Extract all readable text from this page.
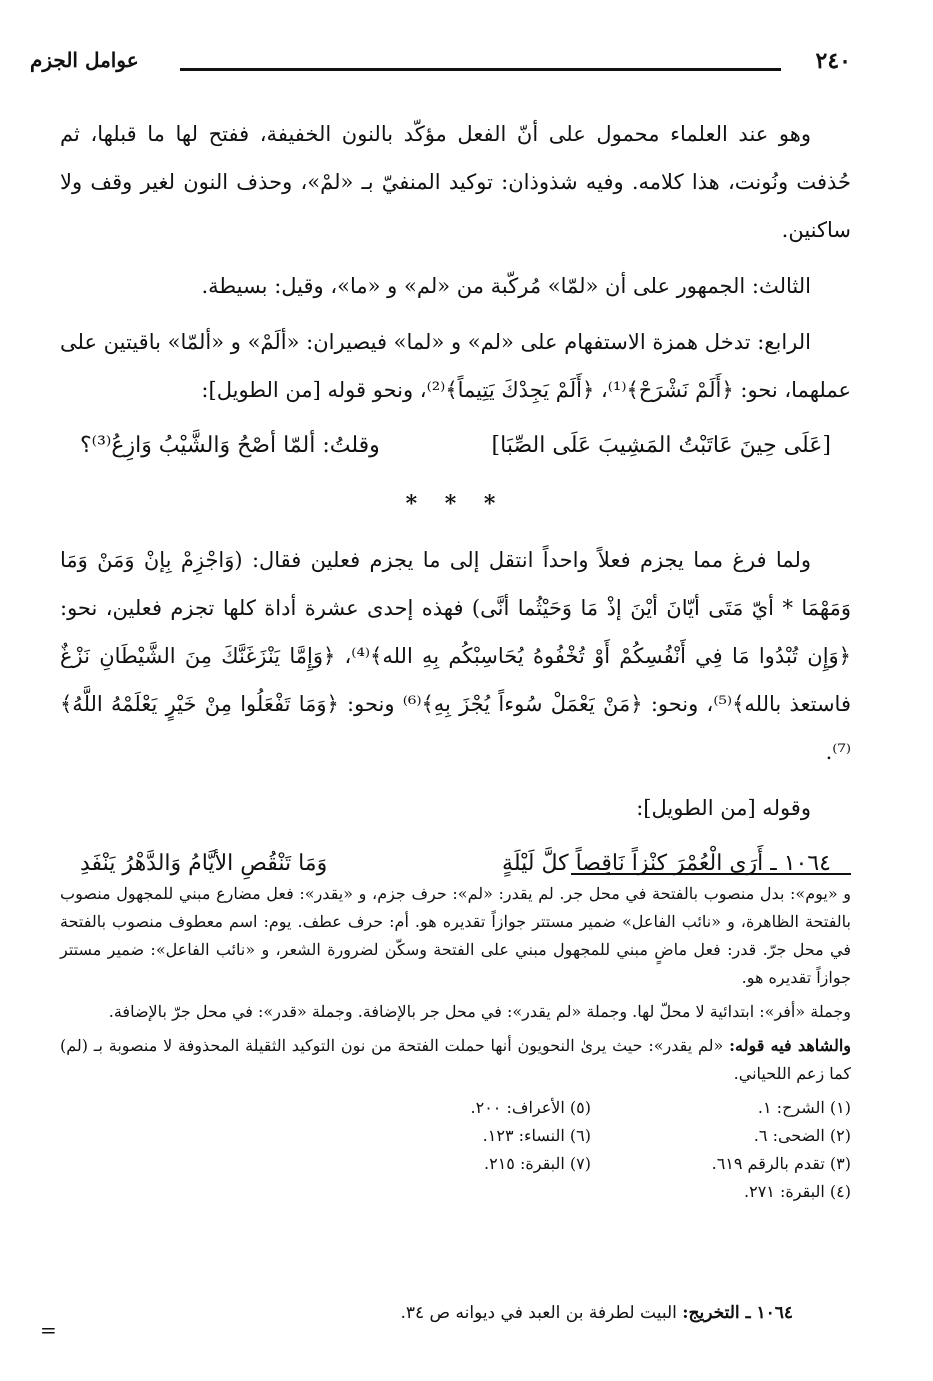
٢٤٠
عوامل الجزم

وهو عند العلماء محمول على أنّ الفعل مؤكّد بالنون الخفيفة، ففتح لها ما قبلها، ثم حُذفت ونُونت، هذا كلامه. وفيه شذوذان: توكيد المنفيّ بـ «لمْ»، وحذف النون لغير وقف ولا ساكنين.

الثالث: الجمهور على أن «لمّا» مُركّبة من «لم» و «ما»، وقيل: بسيطة.

الرابع: تدخل همزة الاستفهام على «لم» و «لما» فيصيران: «ألَمْ» و «ألمّا» باقيتين على عملهما، نحو: ﴿أَلَمْ نَشْرَحْ﴾⁽¹⁾، ﴿أَلَمْ يَجِدْكَ يَتِيماً﴾⁽²⁾، ونحو قوله [من الطويل]:

[عَلَى حِينَ عَاتَبْتُ المَشِيبَ عَلَى الصِّبَا]
وقلتُ: ألمّا أصْحُ وَالشَّيْبُ وَازِعُ⁽³⁾؟
* * *

ولما فرغ مما يجزم فعلاً واحداً انتقل إلى ما يجزم فعلين فقال: (وَاجْزِمْ بِإنْ وَمَنْ وَمَا وَمَهْمَا * أيّ مَتَى أيّانَ أيْنَ إذْ مَا وَحَيْثُما أنَّى) فهذه إحدى عشرة أداة كلها تجزم فعلين، نحو: ﴿وَإِن تُبْدُوا مَا فِي أَنْفُسِكُمْ أَوْ تُخْفُوهُ يُحَاسِبْكُم بِهِ الله﴾⁽⁴⁾، ﴿وَإِمَّا يَنْزَغَنَّكَ مِنَ الشَّيْطَانِ نَزْغٌ فاستعذ بالله﴾⁽⁵⁾، ونحو: ﴿مَنْ يَعْمَلْ سُوءاً يُجْزَ بِهِ﴾⁽⁶⁾ ونحو: ﴿وَمَا تَفْعَلُوا مِنْ خَيْرٍ يَعْلَمْهُ اللَّهُ﴾⁽⁷⁾.

وقوله [من الطويل]:

١٠٦٤ ـ أَرَى الْعُمْرَ كنْزاً نَاقِصاً كلَّ لَيْلَةٍ
وَمَا تَنْقُصِ الأيَّامُ وَالدَّهْرُ يَنْفَدِ

و «يوم»: بدل منصوب بالفتحة في محل جر. لم يقدر: «لم»: حرف جزم، و «يقدر»: فعل مضارع مبني للمجهول منصوب بالفتحة الظاهرة، و «نائب الفاعل» ضمير مستتر جوازاً تقديره هو. أم: حرف عطف. يوم: اسم معطوف منصوب بالفتحة في محل جرّ. قدر: فعل ماضٍ مبني للمجهول مبني على الفتحة وسكّن لضرورة الشعر، و «نائب الفاعل»: ضمير مستتر جوازاً تقديره هو.

وجملة «أفر»: ابتدائية لا محلّ لها. وجملة «لم يقدر»: في محل جر بالإضافة. وجملة «قدر»: في محل جرّ بالإضافة.

والشاهد فيه قوله: «لم يقدر»: حيث يرىٰ النحويون أنها حملت الفتحة من نون التوكيد الثقيلة المحذوفة لا منصوبة بـ (لم) كما زعم اللحياني.

(١) الشرح: ١.
(٢) الضحى: ٦.
(٣) تقدم بالرقم ٦١٩.
(٤) البقرة: ٢٧١.
(٥) الأعراف: ٢٠٠.
(٦) النساء: ١٢٣.
(٧) البقرة: ٢١٥.
١٠٦٤ ـ التخريج: البيت لطرفة بن العبد في ديوانه ص ٣٤.
=
